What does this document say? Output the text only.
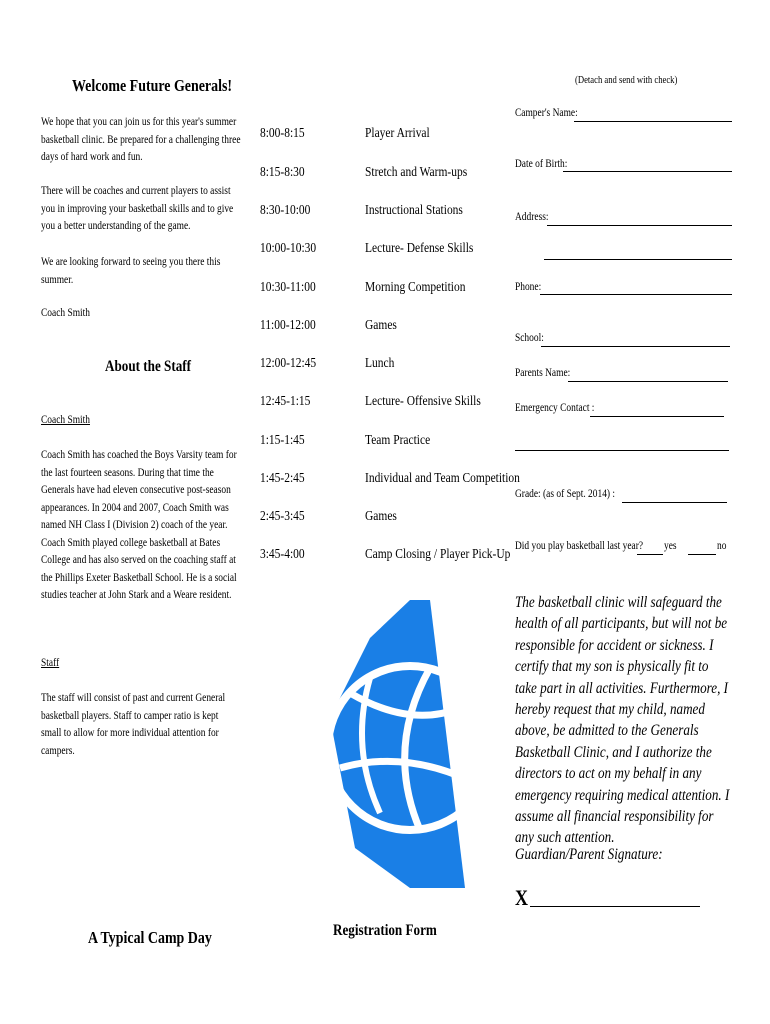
Welcome Future Generals!
We hope that you can join us for this year's summer basketball clinic. Be prepared for a challenging three days of hard work and fun.
There will be coaches and current players to assist you in improving your basketball skills and to give you a better understanding of the game.
We are looking forward to seeing you there this summer.
Coach Smith
About the Staff
Coach Smith
Coach Smith has coached the Boys Varsity team for the last fourteen seasons. During that time the Generals have had eleven consecutive post-season appearances. In 2004 and 2007, Coach Smith was named NH Class I (Division 2) coach of the year. Coach Smith played college basketball at Bates College and has also served on the coaching staff at the Phillips Exeter Basketball School. He is a social studies teacher at John Stark and a Weare resident.
Staff
The staff will consist of past and current General basketball players. Staff to camper ratio is kept small to allow for more individual attention for campers.
A Typical Camp Day
8:00-8:15	Player Arrival
8:15-8:30	Stretch and Warm-ups
8:30-10:00	Instructional Stations
10:00-10:30	Lecture- Defense Skills
10:30-11:00	Morning Competition
11:00-12:00	Games
12:00-12:45	Lunch
12:45-1:15	Lecture- Offensive Skills
1:15-1:45	Team Practice
1:45-2:45	Individual and Team Competition
2:45-3:45	Games
3:45-4:00	Camp Closing / Player Pick-Up
Registration Form
(Detach and send with check)
Camper's Name:
Date of Birth:
Address:
Phone:
School:
Parents Name:
Emergency Contact :
Grade: (as of Sept. 2014) :
Did you play basketball last year? yes	no
The basketball clinic will safeguard the health of all participants, but will not be responsible for accident or sickness. I certify that my son is physically fit to take part in all activities. Furthermore, I hereby request that my child, named above, be admitted to the Generals Basketball Clinic, and I authorize the directors to act on my behalf in any emergency requiring medical attention. I assume all financial responsibility for any such attention.
Guardian/Parent Signature:
X
